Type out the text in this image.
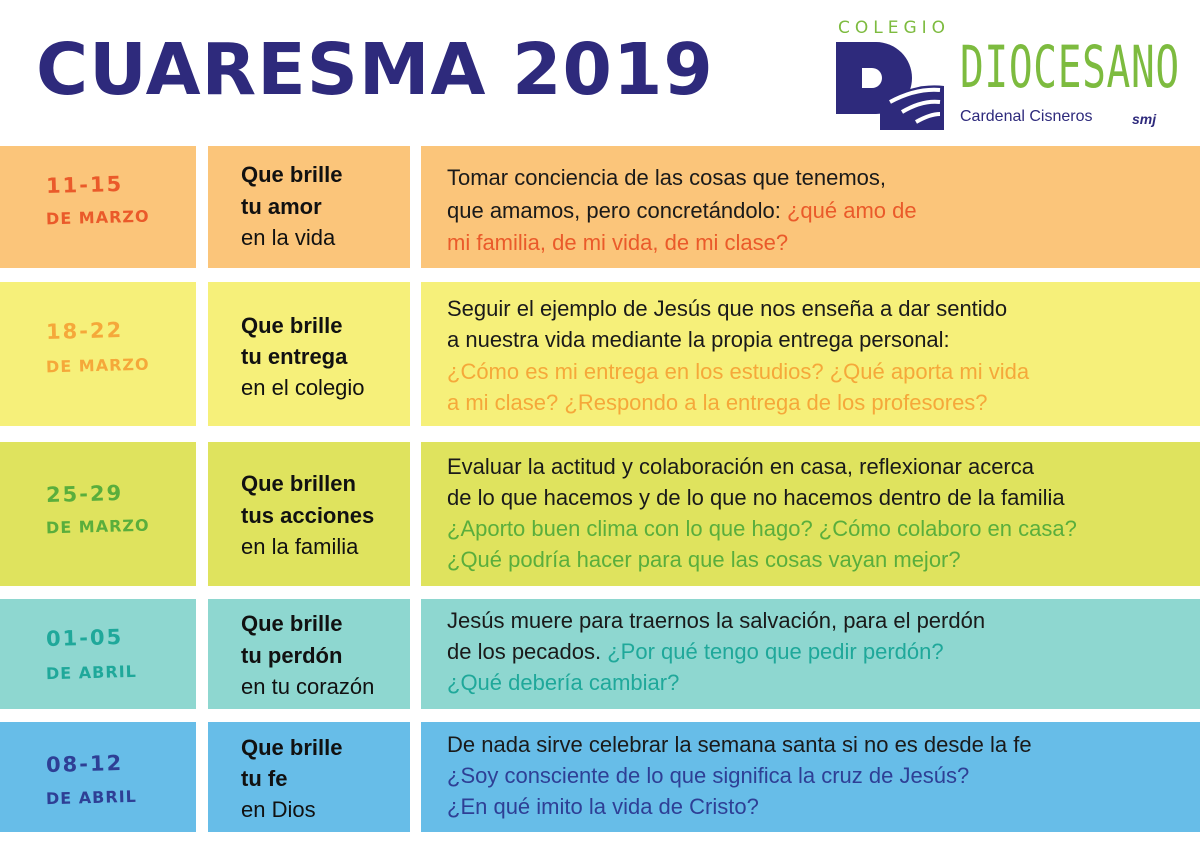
CUARESMA 2019	COLEGIO
DIOCESANO
Cardenal Cisneros	smj
11-15
DE MARZO
Que brille
tu amor
en la vida
Tomar conciencia de las cosas que tenemos,
que amamos, pero concretándolo: ¿qué amo de
mi familia, de mi vida, de mi clase?
18-22
DE MARZO
Que brille
tu entrega
en el colegio
Seguir el ejemplo de Jesús que nos enseña a dar sentido
a nuestra vida mediante la propia entrega personal:
¿Cómo es mi entrega en los estudios? ¿Qué aporta mi vida
a mi clase? ¿Respondo a la entrega de los profesores?
25-29
DE MARZO
Que brillen
tus acciones
en la familia
Evaluar la actitud y colaboración en casa, reflexionar acerca
de lo que hacemos y de lo que no hacemos dentro de la familia
¿Aporto buen clima con lo que hago? ¿Cómo colaboro en casa?
¿Qué podría hacer para que las cosas vayan mejor?
01-05
DE ABRIL
Que brille
tu perdón
en tu corazón
Jesús muere para traernos la salvación, para el perdón
de los pecados. ¿Por qué tengo que pedir perdón?
¿Qué debería cambiar?
08-12
DE ABRIL
Que brille
tu fe
en Dios
De nada sirve celebrar la semana santa si no es desde la fe
¿Soy consciente de lo que significa la cruz de Jesús?
¿En qué imito la vida de Cristo?
